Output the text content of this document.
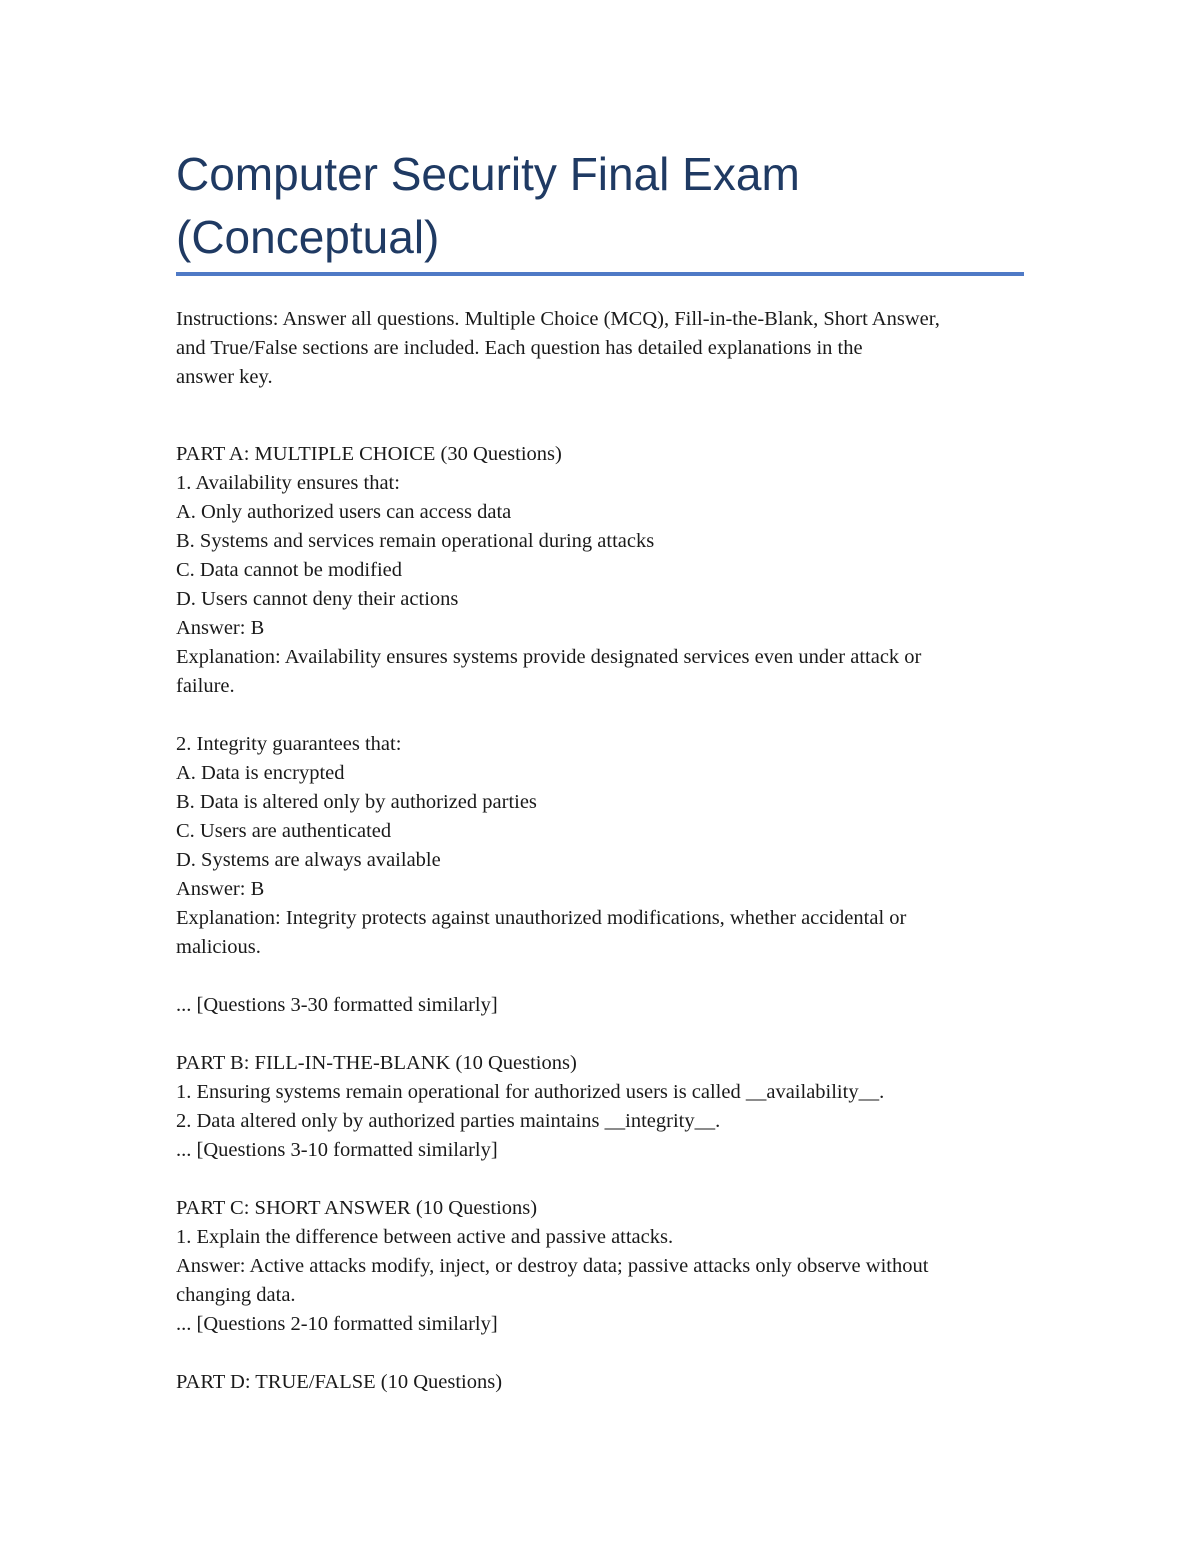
Computer Security Final Exam
(Conceptual)
Instructions: Answer all questions. Multiple Choice (MCQ), Fill-in-the-Blank, Short Answer,
and True/False sections are included. Each question has detailed explanations in the
answer key.
PART A: MULTIPLE CHOICE (30 Questions)
1. Availability ensures that:
A. Only authorized users can access data
B. Systems and services remain operational during attacks
C. Data cannot be modified
D. Users cannot deny their actions
Answer: B
Explanation: Availability ensures systems provide designated services even under attack or
failure.
2. Integrity guarantees that:
A. Data is encrypted
B. Data is altered only by authorized parties
C. Users are authenticated
D. Systems are always available
Answer: B
Explanation: Integrity protects against unauthorized modifications, whether accidental or
malicious.
... [Questions 3-30 formatted similarly]
PART B: FILL-IN-THE-BLANK (10 Questions)
1. Ensuring systems remain operational for authorized users is called __availability__.
2. Data altered only by authorized parties maintains __integrity__.
... [Questions 3-10 formatted similarly]
PART C: SHORT ANSWER (10 Questions)
1. Explain the difference between active and passive attacks.
Answer: Active attacks modify, inject, or destroy data; passive attacks only observe without
changing data.
... [Questions 2-10 formatted similarly]
PART D: TRUE/FALSE (10 Questions)
